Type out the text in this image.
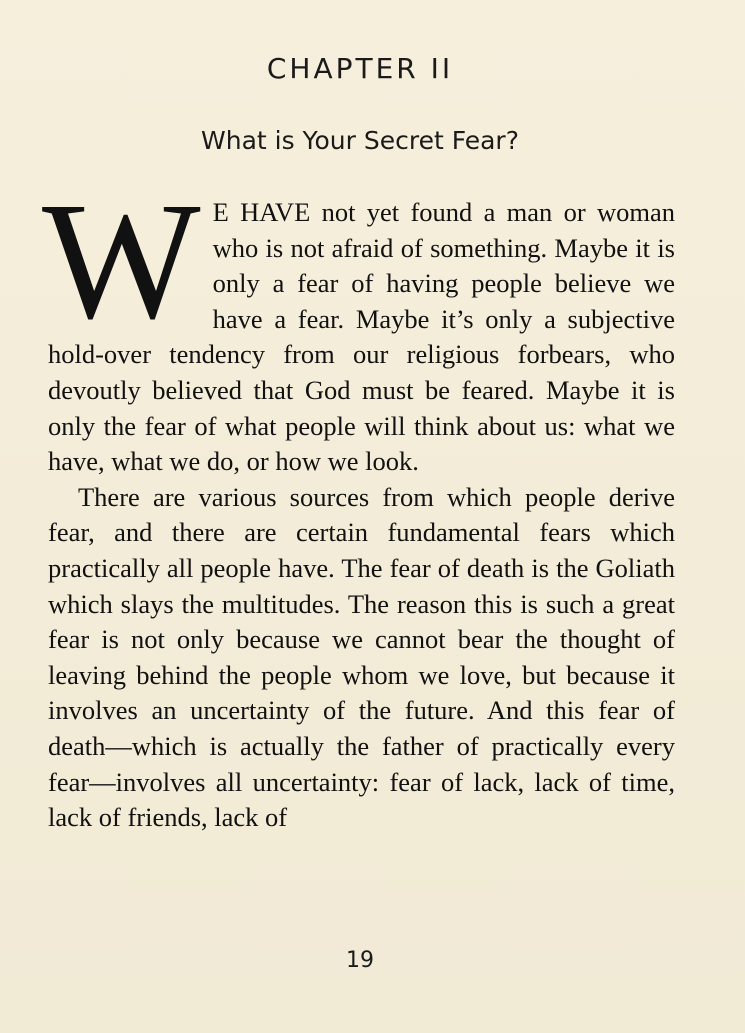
CHAPTER II
What is Your Secret Fear?

W E HAVE not yet found a man or woman who is not afraid of something. Maybe it is only a fear of having people believe we have a fear. Maybe it’s only a subjective hold-over tendency from our religious forbears, who devoutly believed that God must be feared. Maybe it is only the fear of what people will think about us: what we have, what we do, or how we look.

There are various sources from which people derive fear, and there are certain fundamental fears which practically all people have. The fear of death is the Goliath which slays the multitudes. The reason this is such a great fear is not only because we cannot bear the thought of leaving behind the people whom we love, but because it involves an uncertainty of the future. And this fear of death—which is actually the father of practically every fear—involves all uncertainty: fear of lack, lack of time, lack of friends, lack of

19
